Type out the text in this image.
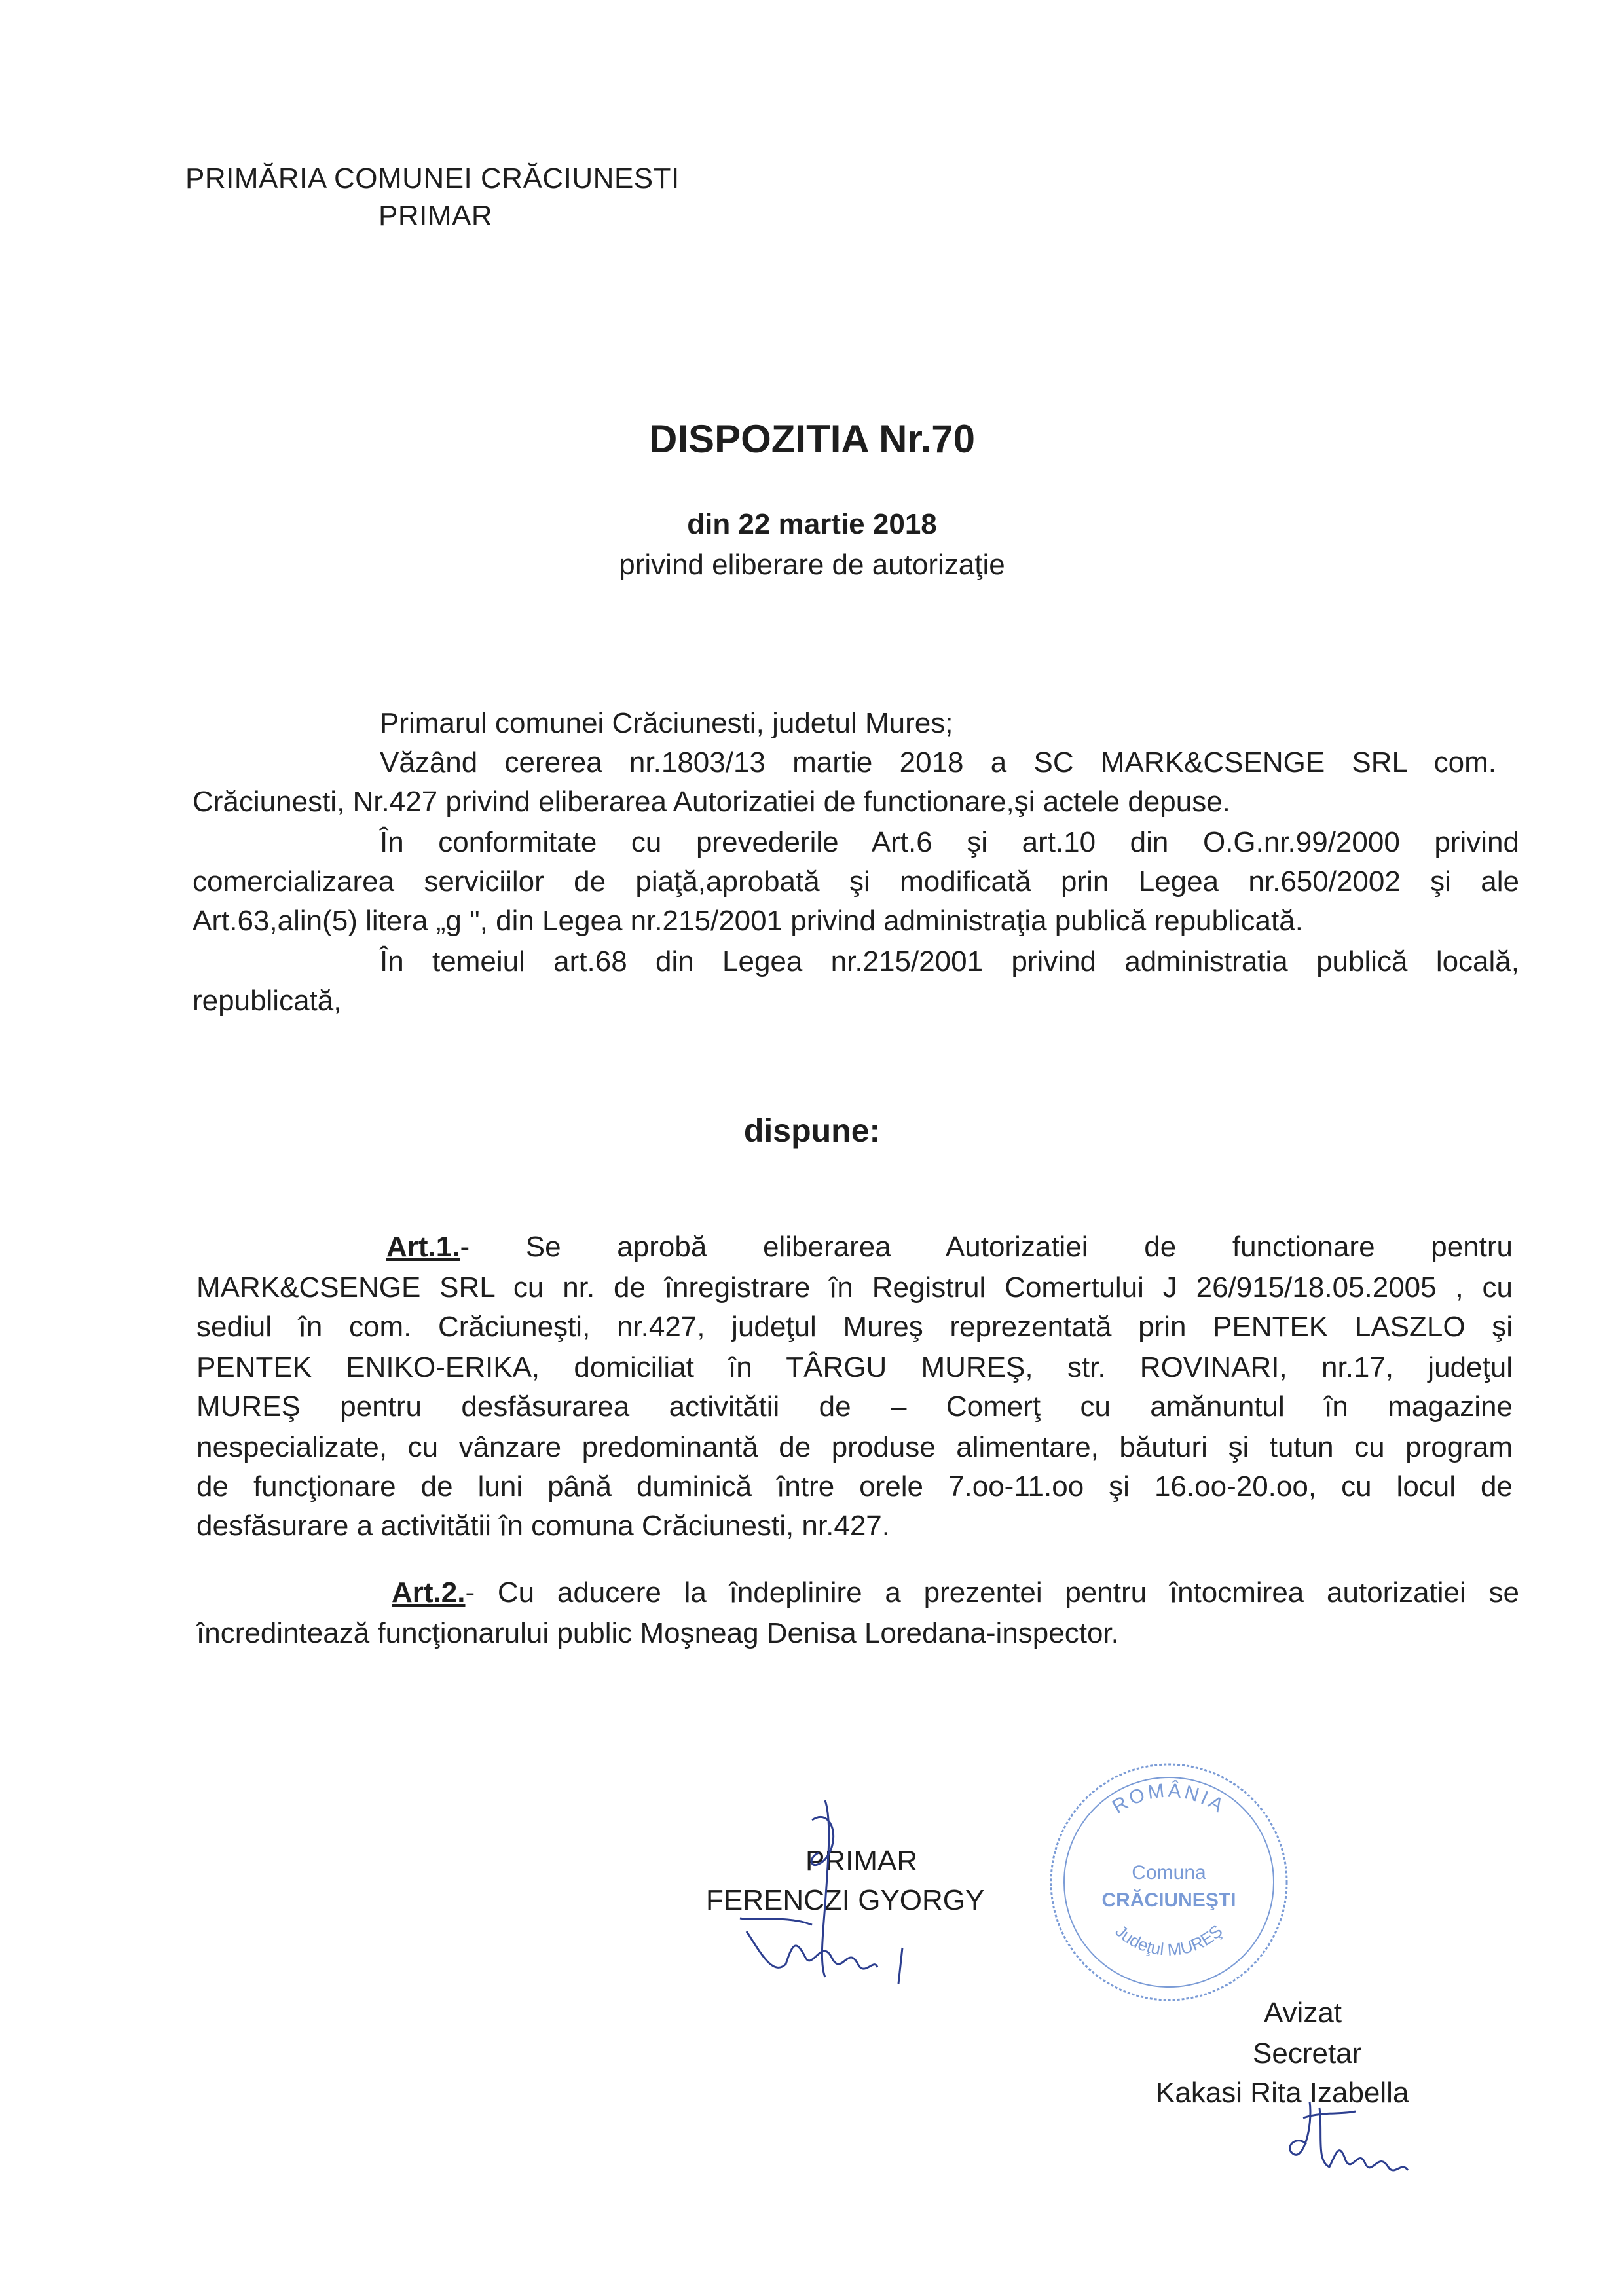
PRIMĂRIA COMUNEI CRĂCIUNESTI
PRIMAR
DISPOZITIA Nr.70
din 22 martie 2018
privind eliberare de autorizaţie
Primarul comunei Crăciunesti, judetul Mures;
Văzând cererea nr.1803/13 martie 2018 a SC MARK&CSENGE SRL com.
Crăciunesti, Nr.427 privind eliberarea Autorizatiei de functionare,şi actele depuse.
În conformitate cu prevederile Art.6 şi art.10 din O.G.nr.99/2000 privind
comercializarea serviciilor de piaţă,aprobată şi modificată prin Legea nr.650/2002 şi ale
Art.63,alin(5) litera „g ", din Legea nr.215/2001 privind administraţia publică republicată.
În temeiul art.68 din Legea nr.215/2001 privind administratia publică locală,
republicată,
dispune:
Art.1.- Se aprobă eliberarea Autorizatiei de functionare pentru
MARK&CSENGE SRL cu nr. de înregistrare în Registrul Comertului J 26/915/18.05.2005 , cu
sediul în com. Crăciuneşti, nr.427, judeţul Mureş reprezentată prin PENTEK LASZLO şi
PENTEK ENIKO-ERIKA, domiciliat în TÂRGU MUREŞ, str. ROVINARI, nr.17, judeţul
MUREŞ pentru desfăsurarea activitătii de – Comerţ cu amănuntul în magazine
nespecializate, cu vânzare predominantă de produse alimentare, băuturi şi tutun cu program
de funcţionare de luni până duminică între orele 7.oo-11.oo şi 16.oo-20.oo, cu locul de
desfăsurare a activitătii în comuna Crăciunesti, nr.427.
Art.2.- Cu aducere la îndeplinire a prezentei pentru întocmirea autorizatiei se
încredintează funcţionarului public Moşneag Denisa Loredana-inspector.
PRIMAR
FERENCZI GYORGY
ROMÂNIA
Comuna
CRĂCIUNEŞTI
Judeţul MUREŞ
Avizat
Secretar
Kakasi Rita Izabella
